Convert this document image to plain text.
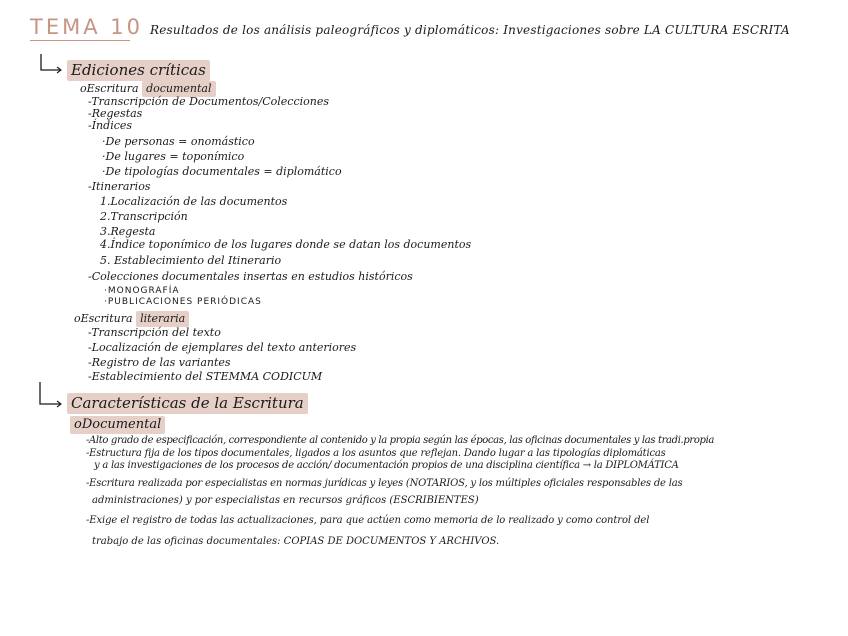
TEMA 10 Resultados de los análisis paleográficos y diplomáticos: Investigaciones sobre LA CULTURA ESCRITA
Ediciones críticas
oEscritura documental
-Transcripción de Documentos/Colecciones
-Regestas
-Índices
·De personas = onomástico
·De lugares = toponímico
·De tipologías documentales = diplomático
-Itinerarios
1.Localización de las documentos
2.Transcripción
3.Regesta
4.Índice toponímico de los lugares donde se datan los documentos
5. Establecimiento del Itinerario
-Colecciones documentales insertas en estudios históricos
·MONOGRAFÍA
·PUBLICACIONES PERIÓDICAS
oEscritura literaria
-Transcripción del texto
-Localización de ejemplares del texto anteriores
-Registro de las variantes
-Establecimiento del STEMMA CODICUM
Características de la Escritura
oDocumental
-Alto grado de especificación, correspondiente al contenido y la propia según las épocas, las oficinas documentales y las tradi.propia
-Estructura fija de los tipos documentales, ligados a los asuntos que reflejan. Dando lugar a las tipologías diplomáticas
y a las investigaciones de los procesos de acción/ documentación propios de una disciplina científica → la DIPLOMÁTICA
-Escritura realizada por especialistas en normas jurídicas y leyes (NOTARIOS, y los múltiples oficiales responsables de las
administraciones) y por especialistas en recursos gráficos (ESCRIBIENTES)
-Exige el registro de todas las actualizaciones, para que actúen como memoria de lo realizado y como control del
trabajo de las oficinas documentales: COPIAS DE DOCUMENTOS Y ARCHIVOS.
